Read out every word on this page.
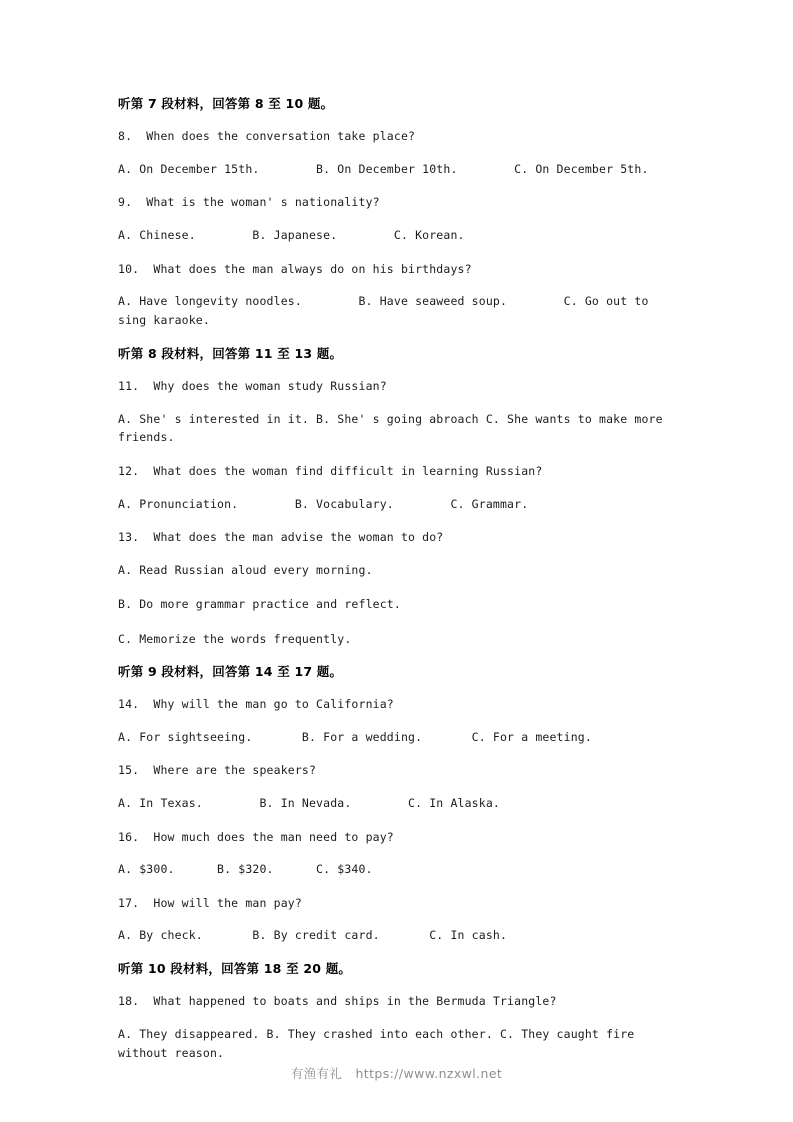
听第 7 段材料，回答第 8 至 10 题。

8.  When does the conversation take place?

A. On December 15th.        B. On December 10th.        C. On December 5th.

9.  What is the woman' s nationality?

A. Chinese.        B. Japanese.        C. Korean.

10.  What does the man always do on his birthdays?

A. Have longevity noodles.        B. Have seaweed soup.        C. Go out to sing karaoke.

听第 8 段材料，回答第 11 至 13 题。

11.  Why does the woman study Russian?

A. She' s interested in it. B. She' s going abroach C. She wants to make more friends.

12.  What does the woman find difficult in learning Russian?

A. Pronunciation.        B. Vocabulary.        C. Grammar.

13.  What does the man advise the woman to do?

A. Read Russian aloud every morning.

B. Do more grammar practice and reflect.

C. Memorize the words frequently.

听第 9 段材料，回答第 14 至 17 题。

14.  Why will the man go to California?

A. For sightseeing.       B. For a wedding.       C. For a meeting.

15.  Where are the speakers?

A. In Texas.        B. In Nevada.        C. In Alaska.

16.  How much does the man need to pay?

A. $300.      B. $320.      C. $340.

17.  How will the man pay?

A. By check.       B. By credit card.       C. In cash.

听第 10 段材料，回答第 18 至 20 题。

18.  What happened to boats and ships in the Bermuda Triangle?

A. They disappeared. B. They crashed into each other. C. They caught fire without reason.

有渔有礼 https://www.nzxwl.net
